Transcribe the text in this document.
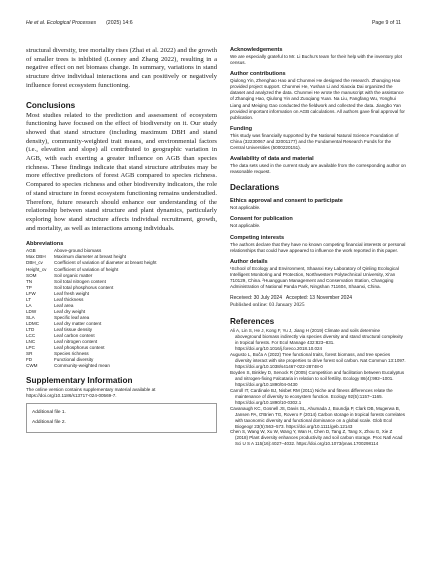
He et al. Ecological Processes (2025) 14:6	Page 9 of 11

structural diversity, tree mortality rises (Zhai et al. 2022) and the growth of smaller trees is inhibited (Looney and Zhang 2022), resulting in a negative effect on net biomass change. In summary, variations in stand structure drive individual interactions and can positively or negatively influence forest ecosystem functioning.

Conclusions

Most studies related to the prediction and assessment of ecosystem functioning have focused on the effect of biodiversity on it. Our study showed that stand structure (including maximum DBH and stand density), community-weighted trait means, and environmental factors (i.e., elevation and slope) all contributed to geographic variation in AGB, with each exerting a greater influence on AGB than species richness. These findings indicate that stand structure attributes may be more effective predictors of forest AGB compared to species richness. Compared to species richness and other biodiversity indicators, the role of stand structure in forest ecosystem functioning remains understudied. Therefore, future research should enhance our understanding of the relationship between stand structure and plant dynamics, particularly exploring how stand structure affects individual recruitment, growth, and mortality, as well as interactions among individuals.

Abbreviations
AGB	Above-ground biomass
Max DBH	Maximum diameter at breast height
DBH_cv	Coefficient of variation of diameter at breast height
Height_cv	Coefficient of variation of height
SOM	Soil organic matter
TN	Soil total nitrogen content
TP	Soil total phosphorus content
LFW	Leaf fresh weight
LT	Leaf thickness
LA	Leaf area
LDW	Leaf dry weight
SLA	Specific leaf area
LDMC	Leaf dry matter content
LTD	Leaf tissue density
LCC	Leaf carbon content
LNC	Leaf nitrogen content
LPC	Leaf phosphorus content
SR	Species richness
FD	Functional diversity
CWM	Community-weighted mean
Supplementary Information
The online version contains supplementary material available at https://doi.org/10.1186/s13717-024-00569-7.
Additional file 1.
Additional file 2.
Acknowledgements
We are especially grateful to Mr. Li Buchu's team for their help with the inventory plot census.
Author contributions
Qiulong Yin, Zhenghao Hao and Chunmei He designed the research. Zhanqing Hao provided project support. Chunmei He, Yushan Li and Xiaoxia Dai organized the dataset and analyzed the data. Chunmei He wrote the manuscript with the assistance of Zhanqing Hao, Qiulong Yin and Zuoqiang Yuan. Na Liu, Fangfang Wu, Yonghui Liang and Meiqing Gao conducted the fieldwork and collected the data. Jiangbo Yan provided important information on AGB calculations. All authors gave final approval for publication.
Funding
This study was financially supported by the National Natural Science Foundation of China (32230067 and 32001177) and the Fundamental Research Funds for the Central Universities (5000220151).
Availability of data and material
The data sets used in the current study are available from the corresponding author on reasonable request.
Declarations
Ethics approval and consent to participate
Not applicable.
Consent for publication
Not applicable.
Competing interests
The authors declare that they have no known competing financial interests or personal relationships that could have appeared to influence the work reported in this paper.
Author details
¹School of Ecology and Environment, Shaanxi Key Laboratory of Qinling Ecological Intelligent Monitoring and Protection, Northwestern Polytechnical University, Xi'an 710129, China. ²Huangguan Management and Conservation Station, Changqing Administration of National Panda Park, Ningshan 711604, Shaanxi, China.
Received: 30 July 2024   Accepted: 13 November 2024
Published online: 03 January 2025
References

Ali A, Lin S, He J, Kong F, Yu J, Jiang H (2019) Climate and soils determine aboveground biomass indirectly via species diversity and stand structural complexity in tropical forests. For Ecol Manage 432:823–831. https://doi.org/10.1016/j.foreco.2018.10.024

Augusto L, Boča A (2022) Tree functional traits, forest biomass, and tree species diversity interact with site properties to drive forest soil carbon. Nat Commun 13:1097. https://doi.org/10.1038/s41467-022-28748-0

Boyden S, Binkley D, Senock R (2005) Competition and facilitation between Eucalyptus and nitrogen-fixing Falcataria in relation to soil fertility. Ecology 86(4):992–1001. https://doi.org/10.1890/04-0430

Carroll IT, Cardinale BJ, Nisbet RM (2011) Niche and fitness differences relate the maintenance of diversity to ecosystem function. Ecology 92(5):1157–1165. https://doi.org/10.1890/10-0302.1

Cavanaugh KC, Gosnell JS, Davis SL, Ahumada J, Boundja P, Clark DB, Mugerwa B, Jansen PA, O'Brien TG, Rovero F (2014) Carbon storage in tropical forests correlates with taxonomic diversity and functional dominance on a global scale. Glob Ecol Biogeogr 23(5):563–573. https://doi.org/10.1111/geb.12143

Chen S, Wang W, Xu W, Wang Y, Wan H, Chen D, Tang Z, Tang X, Zhou G, Xie Z (2018) Plant diversity enhances productivity and soil carbon storage. Proc Natl Acad Sci U S A 115(16):4027–4032. https://doi.org/10.1073/pnas.1700298114
